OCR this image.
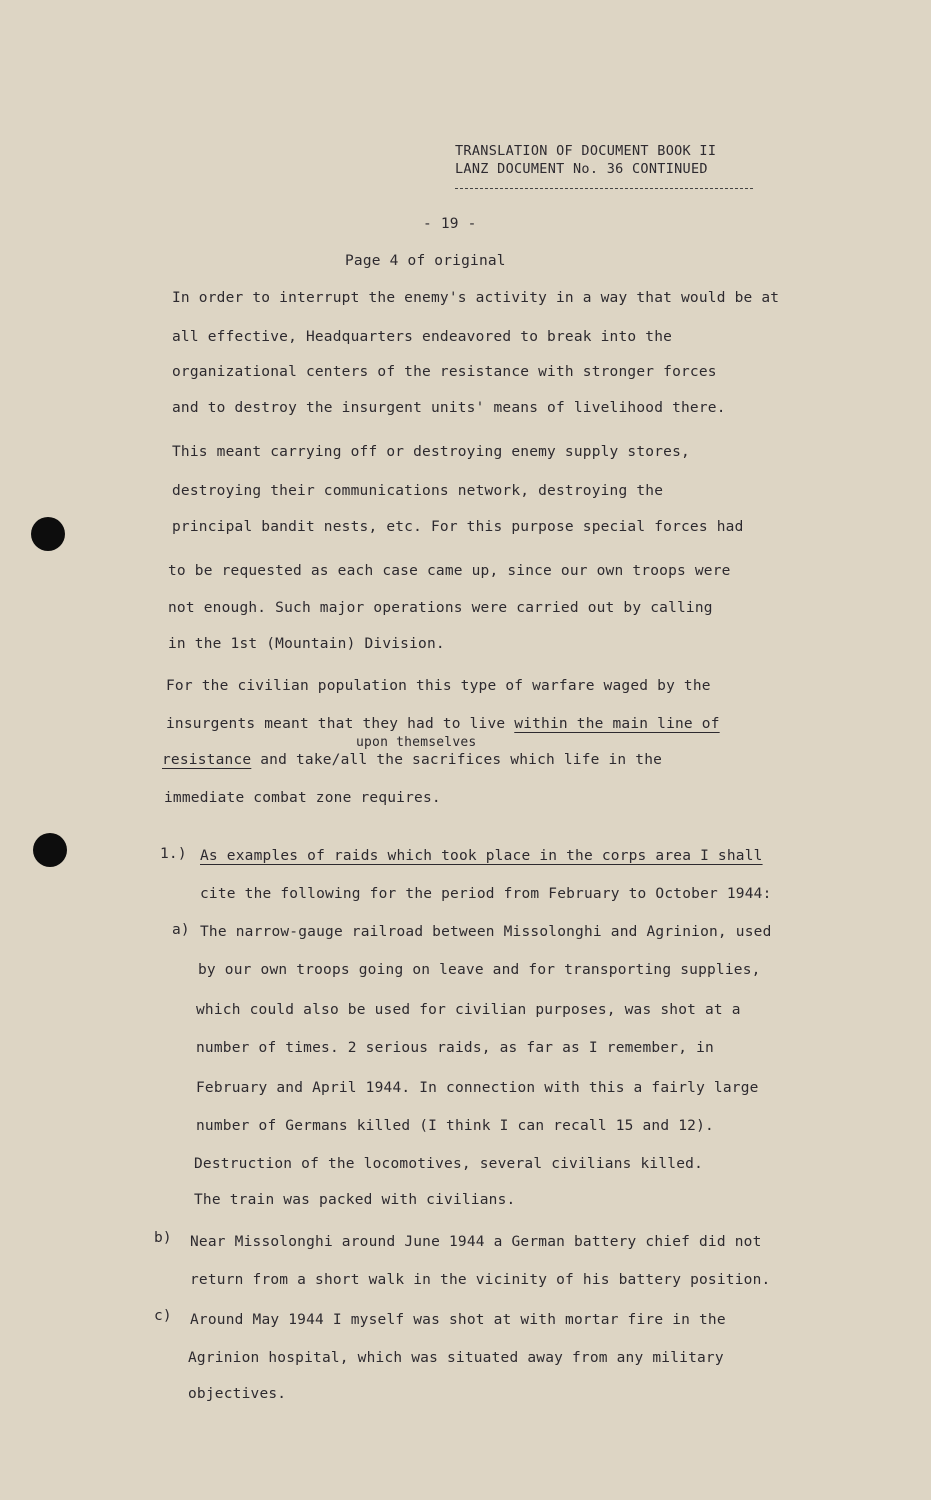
TRANSLATION OF DOCUMENT BOOK II
LANZ DOCUMENT No. 36 CONTINUED
- 19 -
Page 4 of original
In order to interrupt the enemy's activity in a way that would be at
all effective, Headquarters endeavored to break into the
organizational centers of the resistance with stronger forces
and to destroy the insurgent units' means of livelihood there.
This meant carrying off or destroying enemy supply stores,
destroying their communications network, destroying the
principal bandit nests, etc. For this purpose special forces had
to be requested as each case came up, since our own troops were
not enough. Such major operations were carried out by calling
in the 1st (Mountain) Division.
For the civilian population this type of warfare waged by the
insurgents meant that they had to live within the main line of
upon themselves
resistance and take/all the sacrifices which life in the
immediate combat zone requires.
1.) As examples of raids which took place in the corps area I shall
cite the following for the period from February to October 1944:
a) The narrow-gauge railroad between Missolonghi and Agrinion, used
by our own troops going on leave and for transporting supplies,
which could also be used for civilian purposes, was shot at a
number of times. 2 serious raids, as far as I remember, in
February and April 1944. In connection with this a fairly large
number of Germans killed (I think I can recall 15 and 12).
Destruction of the locomotives, several civilians killed.
The train was packed with civilians.
b) Near Missolonghi around June 1944 a German battery chief did not
return from a short walk in the vicinity of his battery position.
c) Around May 1944 I myself was shot at with mortar fire in the
Agrinion hospital, which was situated away from any military
objectives.
